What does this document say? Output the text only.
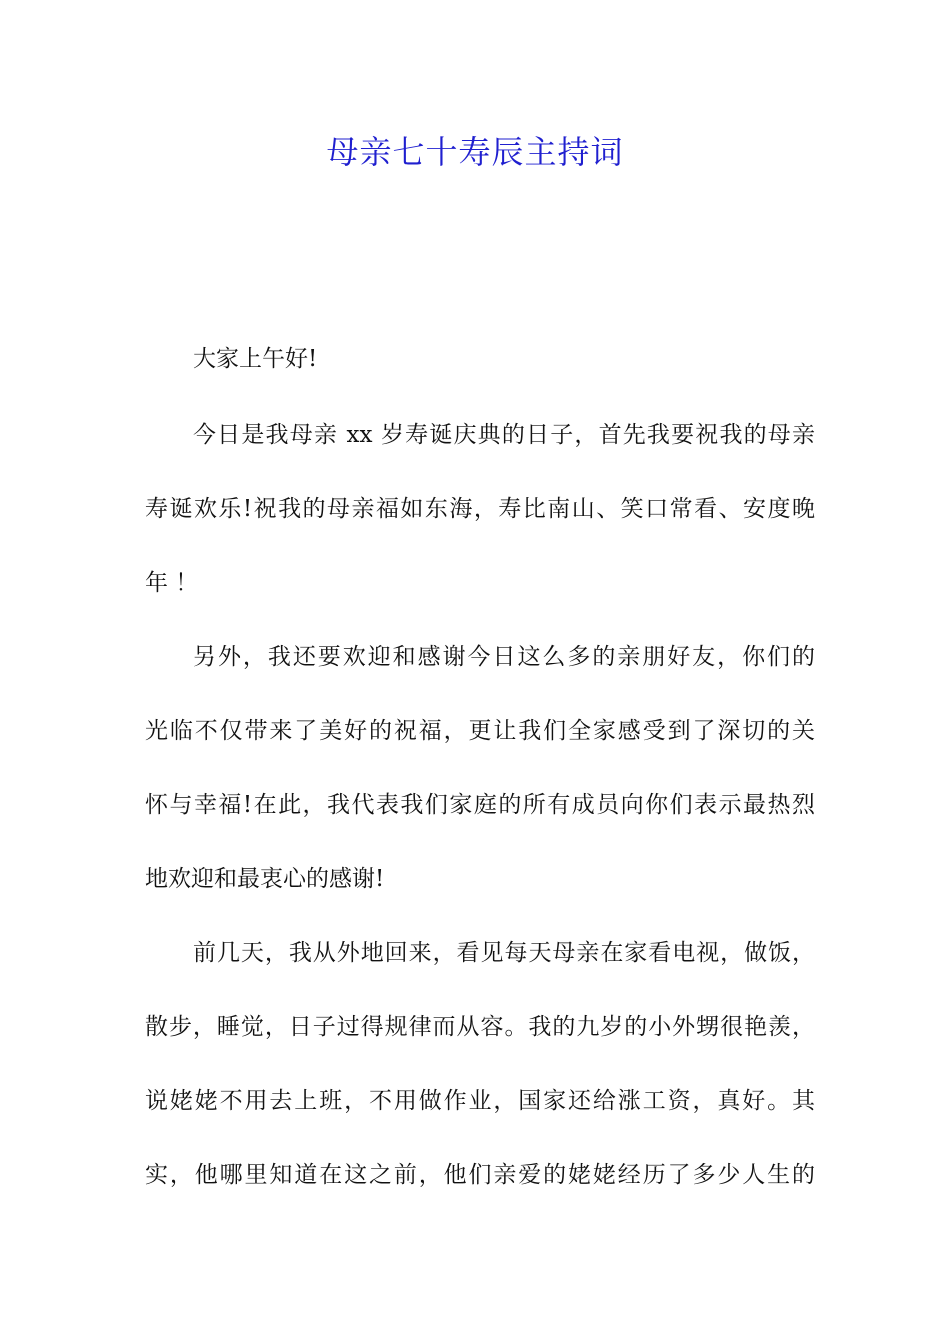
母亲七十寿辰主持词
大家上午好!
今日是我母亲 xx 岁寿诞庆典的日子，首先我要祝我的母亲
寿诞欢乐!祝我的母亲福如东海，寿比南山、笑口常看、安度晚
年 ！
另外，我还要欢迎和感谢今日这么多的亲朋好友，你们的
光临不仅带来了美好的祝福，更让我们全家感受到了深切的关
怀与幸福!在此，我代表我们家庭的所有成员向你们表示最热烈
地欢迎和最衷心的感谢!
前几天，我从外地回来，看见每天母亲在家看电视，做饭，
散步，睡觉，日子过得规律而从容。我的九岁的小外甥很艳羡，
说姥姥不用去上班，不用做作业，国家还给涨工资，真好。其
实，他哪里知道在这之前，他们亲爱的姥姥经历了多少人生的
